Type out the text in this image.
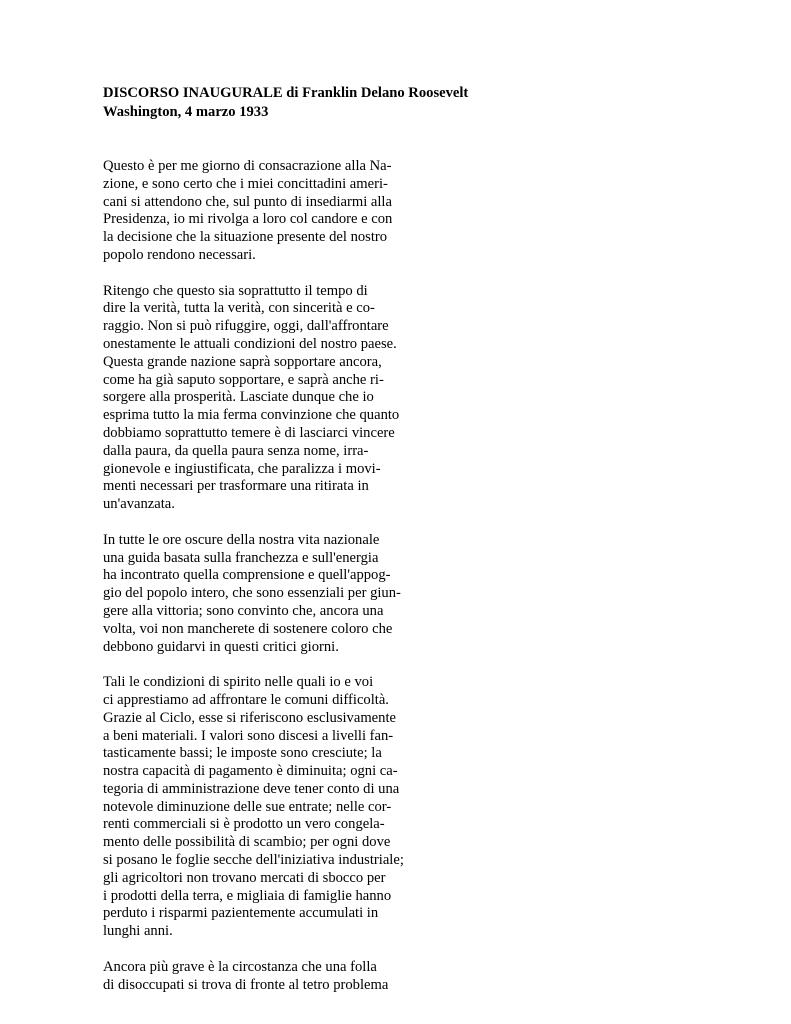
DISCORSO INAUGURALE di Franklin Delano Roosevelt
Washington, 4 marzo 1933

Questo è per me giorno di consacrazione alla Na-
zione, e sono certo che i miei concittadini ameri-
cani si attendono che, sul punto di insediarmi alla
Presidenza, io mi rivolga a loro col candore e con
la decisione che la situazione presente del nostro
popolo rendono necessari.

Ritengo che questo sia soprattutto il tempo di
dire la verità, tutta la verità, con sincerità e co-
raggio. Non si può rifuggire, oggi, dall'affrontare
onestamente le attuali condizioni del nostro paese.
Questa grande nazione saprà sopportare ancora,
come ha già saputo sopportare, e saprà anche ri-
sorgere alla prosperità. Lasciate dunque che io
esprima tutto la mia ferma convinzione che quanto
dobbiamo soprattutto temere è di lasciarci vincere
dalla paura, da quella paura senza nome, irra-
gionevole e ingiustificata, che paralizza i movi-
menti necessari per trasformare una ritirata in
un'avanzata.

In tutte le ore oscure della nostra vita nazionale
una guida basata sulla franchezza e sull'energia
ha incontrato quella comprensione e quell'appog-
gio del popolo intero, che sono essenziali per giun-
gere alla vittoria; sono convinto che, ancora una
volta, voi non mancherete di sostenere coloro che
debbono guidarvi in questi critici giorni.

Tali le condizioni di spirito nelle quali io e voi
ci apprestiamo ad affrontare le comuni difficoltà.
Grazie al Ciclo, esse si riferiscono esclusivamente
a beni materiali. I valori sono discesi a livelli fan-
tasticamente bassi; le imposte sono cresciute; la
nostra capacità di pagamento è diminuita; ogni ca-
tegoria di amministrazione deve tener conto di una
notevole diminuzione delle sue entrate; nelle cor-
renti commerciali si è prodotto un vero congela-
mento delle possibilità di scambio; per ogni dove
si posano le foglie secche dell'iniziativa industriale;
gli agricoltori non trovano mercati di sbocco per
i prodotti della terra, e migliaia di famiglie hanno
perduto i risparmi pazientemente accumulati in
lunghi anni.

Ancora più grave è la circostanza che una folla
di disoccupati si trova di fronte al tetro problema
